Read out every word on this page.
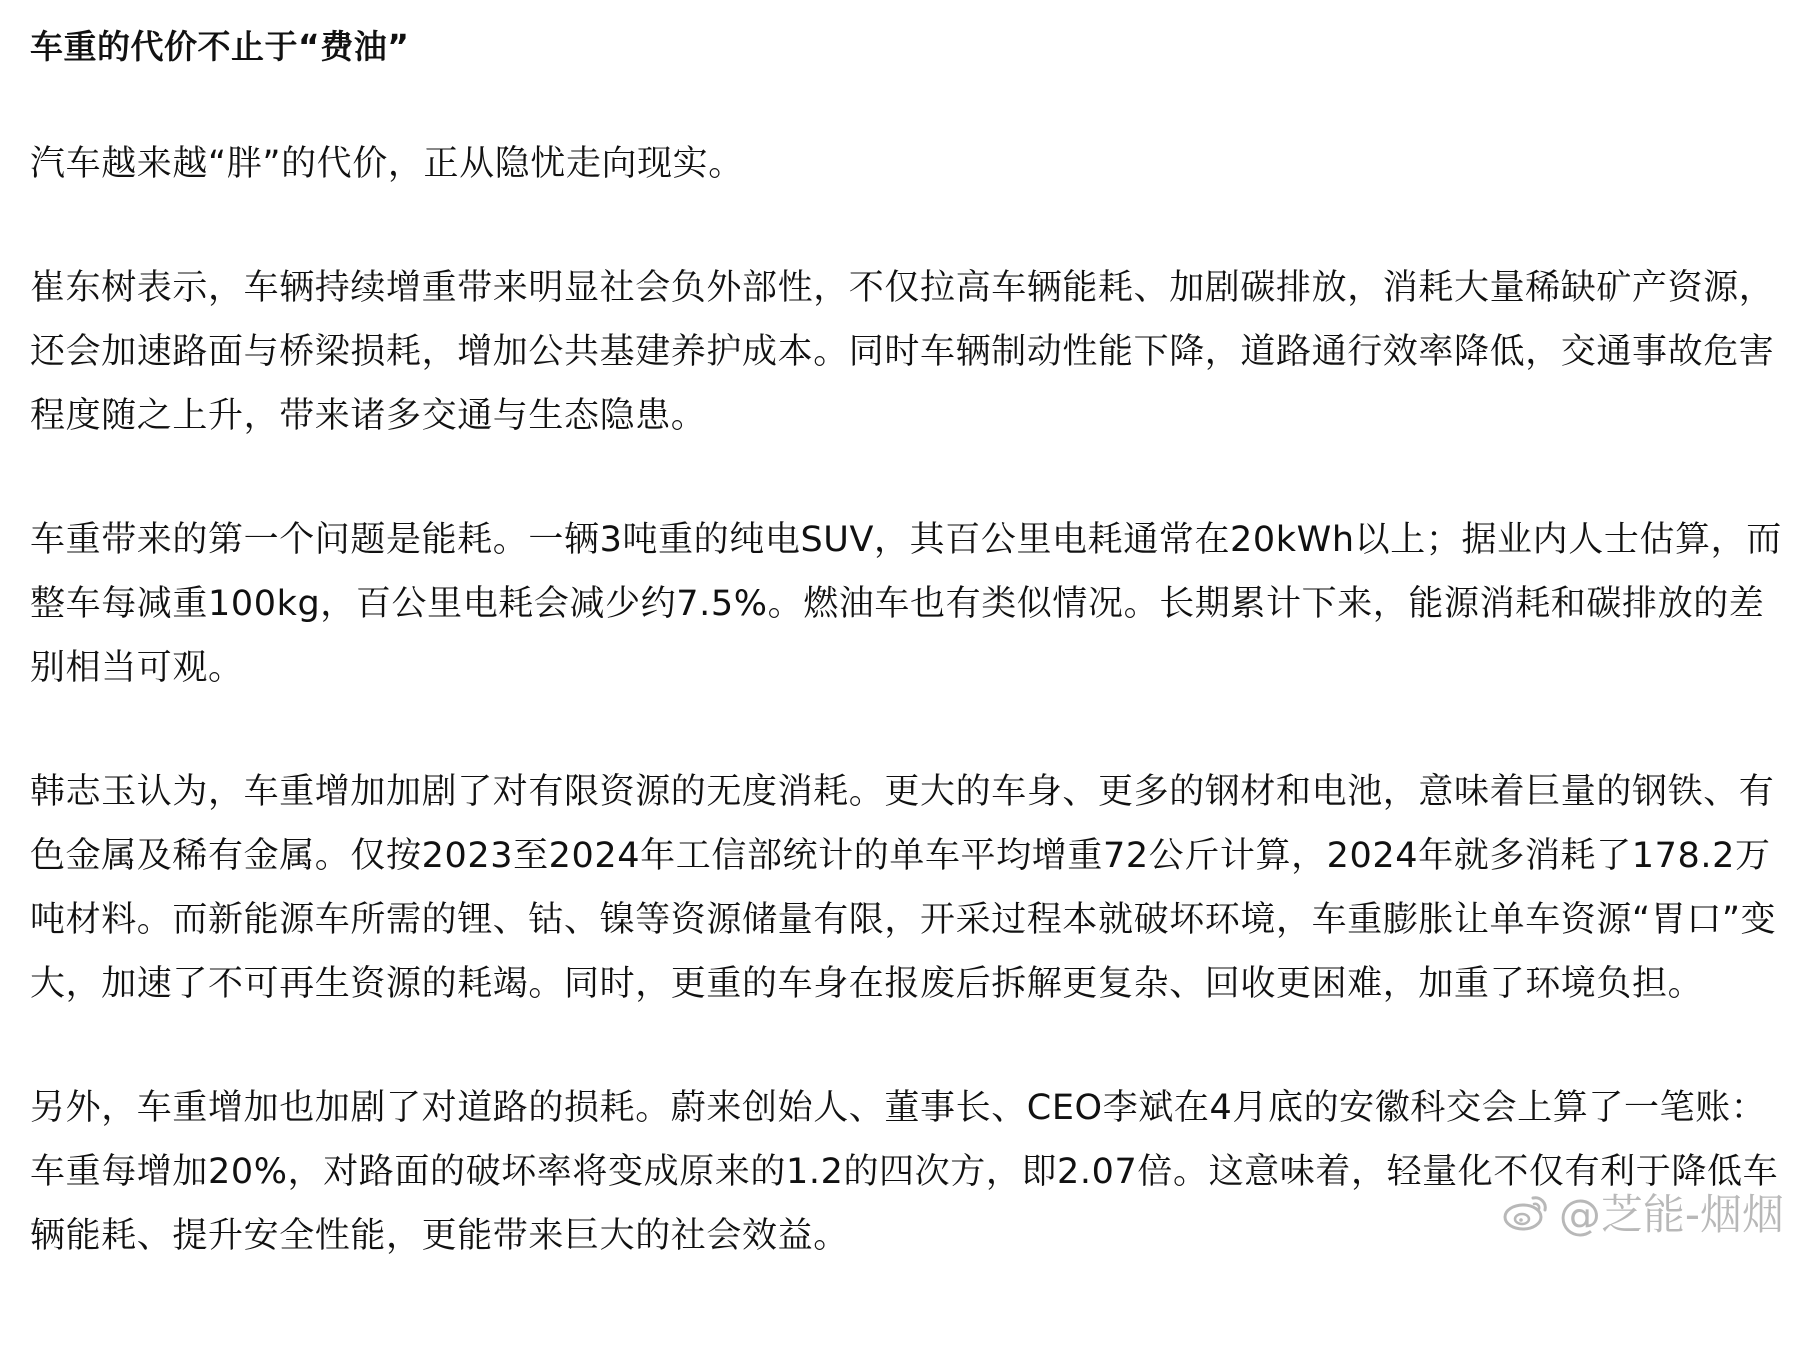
车重的代价不止于“费油”

汽车越来越“胖”的代价，正从隐忧走向现实。

崔东树表示，车辆持续增重带来明显社会负外部性，不仅拉高车辆能耗、加剧碳排放，消耗大量稀缺矿产资源，还会加速路面与桥梁损耗，增加公共基建养护成本。同时车辆制动性能下降，道路通行效率降低，交通事故危害程度随之上升，带来诸多交通与生态隐患。

车重带来的第一个问题是能耗。一辆3吨重的纯电SUV，其百公里电耗通常在20kWh以上；据业内人士估算，而整车每减重100kg，百公里电耗会减少约7.5%。燃油车也有类似情况。长期累计下来，能源消耗和碳排放的差别相当可观。

韩志玉认为，车重增加加剧了对有限资源的无度消耗。更大的车身、更多的钢材和电池，意味着巨量的钢铁、有色金属及稀有金属。仅按2023至2024年工信部统计的单车平均增重72公斤计算，2024年就多消耗了178.2万吨材料。而新能源车所需的锂、钴、镍等资源储量有限，开采过程本就破坏环境，车重膨胀让单车资源“胃口”变大，加速了不可再生资源的耗竭。同时，更重的车身在报废后拆解更复杂、回收更困难，加重了环境负担。

另外，车重增加也加剧了对道路的损耗。蔚来创始人、董事长、CEO李斌在4月底的安徽科交会上算了一笔账：车重每增加20%，对路面的破坏率将变成原来的1.2的四次方，即2.07倍。这意味着，轻量化不仅有利于降低车辆能耗、提升安全性能，更能带来巨大的社会效益。	@芝能-烟烟
